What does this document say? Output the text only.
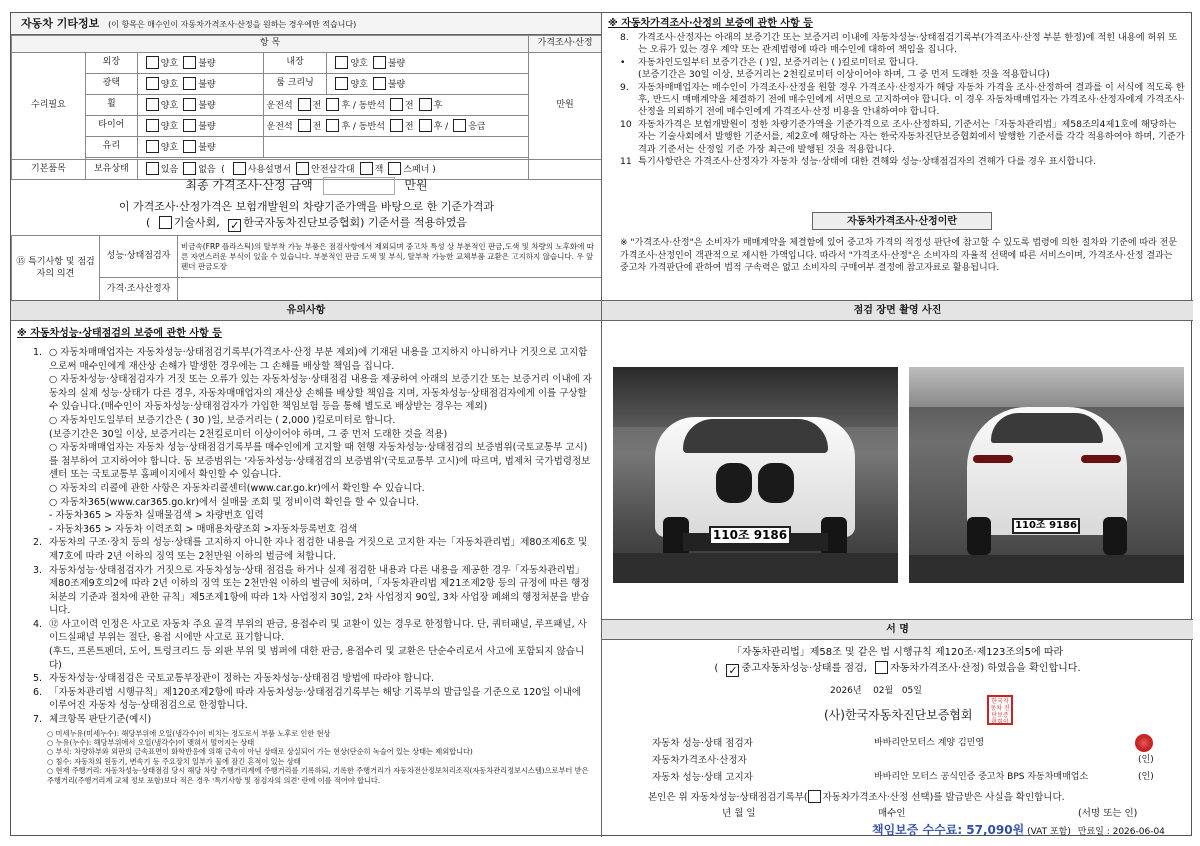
자동차 기타정보 (이 항목은 매수인이 자동차가격조사·산정을 원하는 경우에만 적습니다)
항 목					가격조사·산정
수리필요	외장	양호 불량	내장	양호 불량	만원
	광택	양호 불량	룸 크리닝	양호 불량	
	휠	양호 불량	운전석 전 후 / 동반석 전 후		
	타이어	양호 불량	운전석 전 후 / 동반석 전 후 / 응급		
	유리	양호 불량			

기본품목	보유상태	있음 없음  ( 사용설명서 안전삼각대 잭 스패너 )			
최종 가격조사·산정 금액	만원
이 가격조사·산정가격은 보험개발원의 차량기준가액을 바탕으로 한 기준가격과
( 기술사회, ✓ 한국자동차진단보증협회) 기준서를 적용하였음
⑮ 특기사항 및 점검자의 의견	성능·상태점검자	비금속(FRP 플라스틱)의 탈부착 가능 부품은 점검사항에서 제외되며 중고차 특성 상 부분적인 판금,도색 및 차량의 노후화에 따른 자연스러운 부식이 있을 수 있습니다. 부분적인 판금 도색 및 부식, 탈부착 가능한 교체부품 교환은 고지하지 않습니다. 우 앞펜더 판금도장
	가격·조사산정자	
※ 자동차가격조사·산정의 보증에 관한 사항 등
8.	가격조사·산정자는 아래의 보증기간 또는 보증거리 이내에 자동차성능·상태점검기록부(가격조사·산정 부분 한정)에 적힌 내용에 허위 또는 오류가 있는 경우 계약 또는 관계법령에 따라 매수인에 대하여 책임을 집니다.
•	자동차인도일부터 보증기간은 ( )일, 보증거리는 ( )킬로미터로 합니다.
(보증기간은 30일 이상, 보증거리는 2천킬로미터 이상이어야 하며, 그 중 먼저 도래한 것을 적용합니다)
9.	자동차매매업자는 매수인이 가격조사·산정을 원할 경우 가격조사·산정자가 해당 자동차 가격을 조사·산정하여 결과를 이 서식에 적도록 한 후, 반드시 매매계약을 체결하기 전에 매수인에게 서면으로 고지하여야 합니다. 이 경우 자동차매매업자는 가격조사·산정자에게 가격조사·산정을 의뢰하기 전에 매수인에게 가격조사·산정 비용을 안내하여야 합니다.
10 자동차가격은 보험개발원이 정한 차량기준가액을 기준가격으로 조사·산정하되, 기준서는「자동차관리법」제58조의4제1호에 해당하는 자는 기술사회에서 발행한 기준서를, 제2호에 해당하는 자는 한국자동차진단보증협회에서 발행한 기준서를 각각 적용하여야 하며, 기준가격과 기준서는 산정일 기준 가장 최근에 발행된 것을 적용합니다.
11 특기사항란은 가격조사·산정자가 자동차 성능·상태에 대한 견해와 성능·상태점검자의 견해가 다를 경우 표시합니다.
자동차가격조사·산정이란
※ "가격조사·산정"은 소비자가 매매계약을 체결함에 있어 중고차 가격의 적정성 판단에 참고할 수 있도록 법령에 의한 절차와 기준에 따라 전문 가격조사·산정인이 객관적으로 제시한 가액입니다. 따라서 "가격조사·산정"은 소비자의 자율적 선택에 따른 서비스이며, 가격조사·산정 결과는 중고차 가격판단에 관하여 법적 구속력은 없고 소비자의 구매여부 결정에 참고자료로 활용됩니다.
유의사항
※ 자동차성능·상태점검의 보증에 관한 사항 등
1. ○ 자동차매매업자는 자동차성능·상태점검기록부(가격조사·산정 부분 제외)에 기재된 내용을 고지하지 아니하거나 거짓으로 고지함으로써 매수인에게 재산상 손해가 발생한 경우에는 그 손해를 배상할 책임을 집니다.
○ 자동차성능·상태점검자가 거짓 또는 오류가 있는 자동차성능·상태점검 내용을 제공하여 아래의 보증기간 또는 보증거리 이내에 자동차의 실제 성능·상태가 다른 경우, 자동차매매업자의 재산상 손해를 배상할 책임을 지며, 자동차성능·상태점검자에게 이를 구상할 수 있습니다.(매수인이 자동차성능·상태점검자가 가입한 책임보험 등을 통해 별도로 배상받는 경우는 제외)
○ 자동차인도일부터 보증기간은 ( 30 )일, 보증거리는 ( 2,000 )킬로미터로 합니다.
(보증기간은 30일 이상, 보증거리는 2천킬로미터 이상이어야 하며, 그 중 먼저 도래한 것을 적용)
○ 자동차매매업자는 자동차 성능·상태점검기록부를 매수인에게 고지할 때 현행 자동차성능·상태점검의 보증범위(국토교통부 고시)를 첨부하여 고지하여야 합니다. 동 보증범위는 '자동차성능·상태점검의 보증범위'(국토교통부 고시)에 따르며, 법제처 국가법령정보센터 또는 국토교통부 홈페이지에서 확인할 수 있습니다.
○ 자동차의 리콜에 관한 사항은 자동차리콜센터(www.car.go.kr)에서 확인할 수 있습니다.
○ 자동차365(www.car365.go.kr)에서 실매물 조회 및 정비이력 확인을 할 수 있습니다.
- 자동차365 > 자동차 실매물검색 > 차량번호 입력
- 자동차365 > 자동차 이력조회 > 매매용차량조회 >자동차등록번호 검색
2. 자동차의 구조·장치 등의 성능·상태를 고지하지 아니한 자나 점검한 내용을 거짓으로 고지한 자는「자동차관리법」제80조제6호 및 제7호에 따라 2년 이하의 징역 또는 2천만원 이하의 벌금에 처합니다.
3. 자동차성능·상태점검자가 거짓으로 자동차성능·상태 점검을 하거나 실제 점검한 내용과 다른 내용을 제공한 경우「자동차관리법」제80조제9호의2에 따라 2년 이하의 징역 또는 2천만원 이하의 벌금에 처하며,「자동차관리법 제21조제2항 등의 규정에 따른 행정처분의 기준과 절차에 관한 규칙」제5조제1항에 따라 1차 사업정지 30일, 2차 사업정지 90일, 3차 사업장 폐쇄의 행정처분을 받습니다.
4. ⑫ 사고이력 인정은 사고로 자동차 주요 골격 부위의 판금, 용접수리 및 교환이 있는 경우로 한정합니다. 단, 쿼터패널, 루프패널, 사이드실패널 부위는 절단, 용접 시에만 사고로 표기합니다.
(후드, 프론트펜더, 도어, 트렁크리드 등 외판 부위 및 범퍼에 대한 판금, 용접수리 및 교환은 단순수리로서 사고에 포함되지 않습니다)
5. 자동차성능·상태점검은 국토교통부장관이 정하는 자동차성능·상태점검 방법에 따라야 합니다.
6. 「자동차관리법 시행규칙」제120조제2항에 따라 자동차성능·상태점검기록부는 해당 기록부의 발급일을 기준으로 120일 이내에 이루어진 자동차 성능·상태점검으로 한정합니다.
7. 체크항목 판단기준(예시)
○ 미세누유(미세누수): 해당부위에 오일(냉각수)이 비치는 정도로서 부품 노후로 인한 현상
○ 누유(누수): 해당부위에서 오일(냉각수)이 맺혀서 떨어지는 상태
○ 부식: 차량하부와 외판의 금속표면이 화학반응에 의해 금속이 아닌 상태로 상실되어 가는 현상(단순히 녹슬어 있는 상태는 제외합니다)
○ 침수: 자동차의 원동기, 변속기 등 주요장치 일부가 물에 잠긴 흔적이 있는 상태
○ 현재 주행거리: 자동차성능·상태점검 당시 해당 차량 주행거리계에 주행거리를 기록하되, 기록한 주행거리가 자동차전산정보처리조직(자동차관리정보시스템)으로부터 받은 주행거리(주행거리계 교체 정보 포함)보다 적은 경우 '특기사항 및 점검자의 의견' 란에 이를 적어야 합니다.
점검 장면 촬영 사진
110조 9186
110조 9186
서 명
「자동차관리법」제58조 및 같은 법 시행규칙 제120조·제123조의5에 따라
( ✓ 중고자동차성능·상태를 점검, 자동차가격조사·산정) 하였음을 확인합니다.
2026년 02월 05일
(사)한국자동차진단보증협회
한국자동차 진단보증 협회인
자동차 성능·상태 점검자	바바리안모터스 계양 김민영
자동차가격조사·산정자	(인)
자동차 성능·상태 고지자	바바리안 모터스 공식인증 중고차 BPS 자동차매매업소	(인)
본인은 위 자동차성능·상태점검기록부( 자동차가격조사·산정 선택)를 발급받은 사실을 확인합니다.
년 월 일	매수인	(서명 또는 인)
책임보증 수수료: 57,090원 (VAT 포함) 만료일 : 2026-06-04
